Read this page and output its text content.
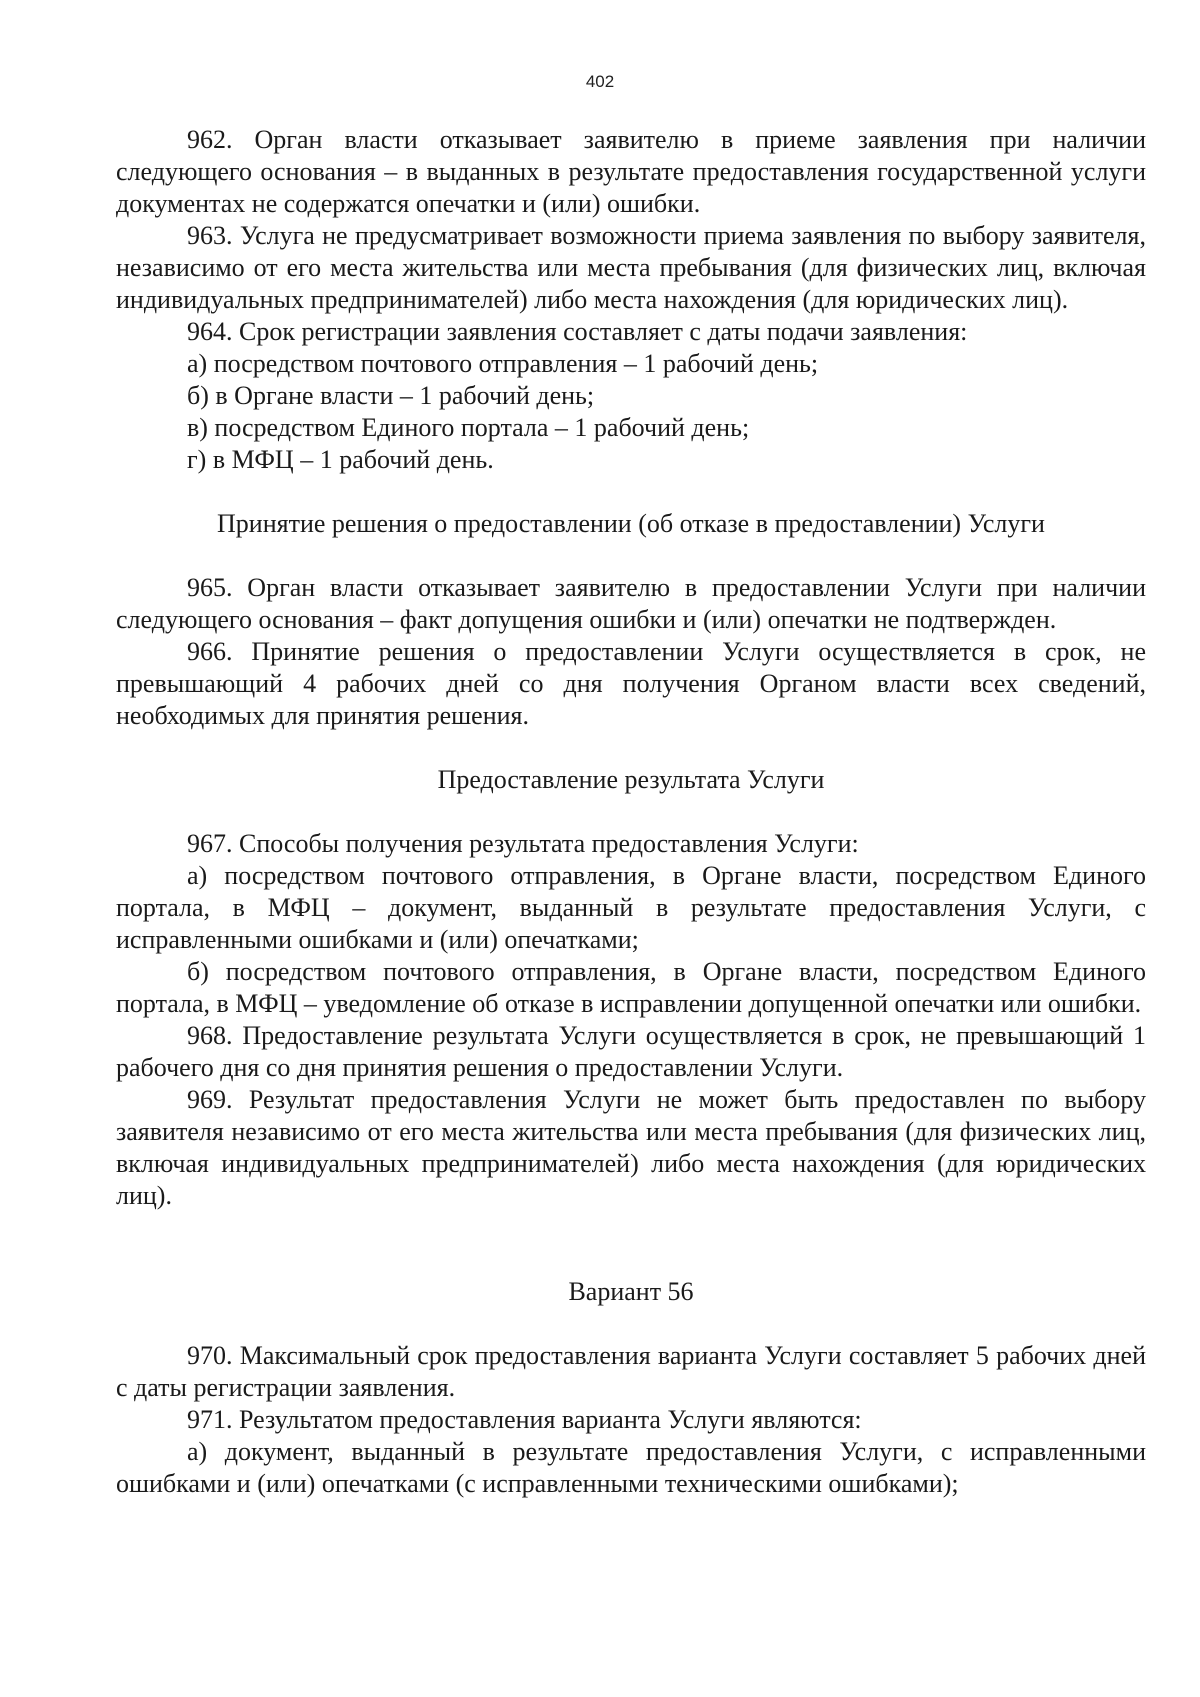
402

962. Орган власти отказывает заявителю в приеме заявления при наличии следующего основания – в выданных в результате предоставления государственной услуги документах не содержатся опечатки и (или) ошибки.

963. Услуга не предусматривает возможности приема заявления по выбору заявителя, независимо от его места жительства или места пребывания (для физических лиц, включая индивидуальных предпринимателей) либо места нахождения (для юридических лиц).

964. Срок регистрации заявления составляет с даты подачи заявления:

а) посредством почтового отправления – 1 рабочий день;

б) в Органе власти – 1 рабочий день;

в) посредством Единого портала – 1 рабочий день;

г) в МФЦ – 1 рабочий день.

Принятие решения о предоставлении (об отказе в предоставлении) Услуги

965. Орган власти отказывает заявителю в предоставлении Услуги при наличии следующего основания – факт допущения ошибки и (или) опечатки не подтвержден.

966. Принятие решения о предоставлении Услуги осуществляется в срок, не превышающий 4 рабочих дней со дня получения Органом власти всех сведений, необходимых для принятия решения.

Предоставление результата Услуги

967. Способы получения результата предоставления Услуги:

а) посредством почтового отправления, в Органе власти, посредством Единого портала, в МФЦ – документ, выданный в результате предоставления Услуги, с исправленными ошибками и (или) опечатками;

б) посредством почтового отправления, в Органе власти, посредством Единого портала, в МФЦ – уведомление об отказе в исправлении допущенной опечатки или ошибки.

968. Предоставление результата Услуги осуществляется в срок, не превышающий 1 рабочего дня со дня принятия решения о предоставлении Услуги.

969. Результат предоставления Услуги не может быть предоставлен по выбору заявителя независимо от его места жительства или места пребывания (для физических лиц, включая индивидуальных предпринимателей) либо места нахождения (для юридических лиц).

Вариант 56

970. Максимальный срок предоставления варианта Услуги составляет 5 рабочих дней с даты регистрации заявления.

971. Результатом предоставления варианта Услуги являются:

а) документ, выданный в результате предоставления Услуги, с исправленными ошибками и (или) опечатками (с исправленными техническими ошибками);
